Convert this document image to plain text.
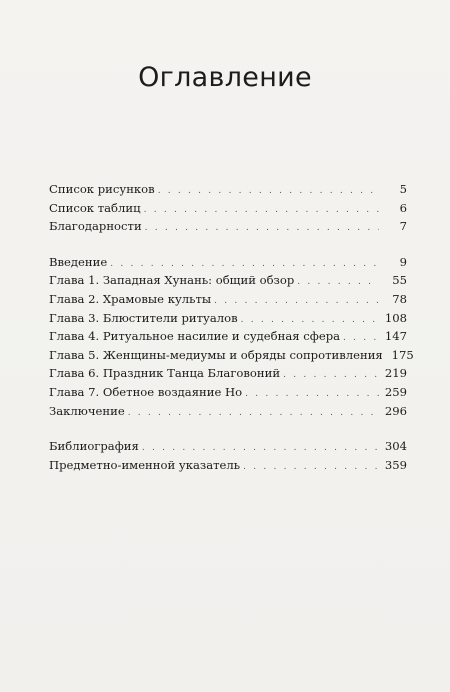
Оглавление
Список рисунков . . .	5
Список таблиц . . .	6
Благодарности . . .	7
Введение . . .	9
Глава 1. Западная Хунань: общий обзор . . .	55
Глава 2. Храмовые культы . . .	78
Глава 3. Блюстители ритуалов . . .	108
Глава 4. Ритуальное насилие и судебная сфера . . .	147
Глава 5. Женщины-медиумы и обряды сопротивления 175
Глава 6. Праздник Танца Благовоний . . .	219
Глава 7. Обетное воздаяние Но . . .	259
Заключение . . .	296
Библиография . . .	304
Предметно-именной указатель . . .	359
